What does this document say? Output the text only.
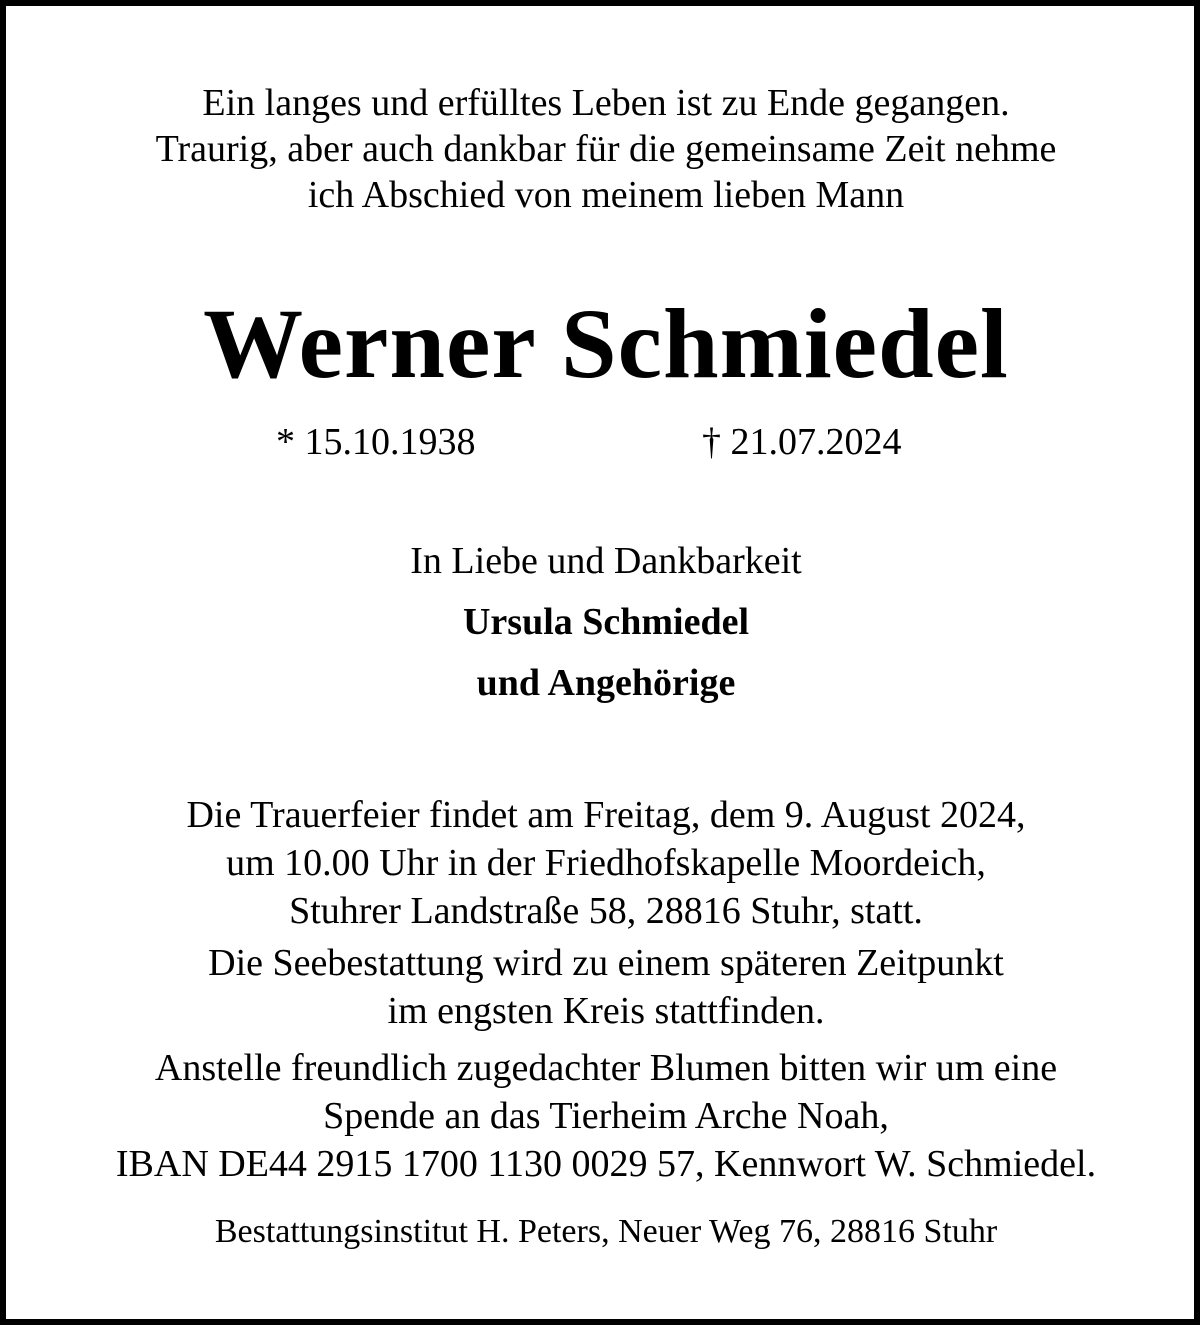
Ein langes und erfülltes Leben ist zu Ende gegangen.
Traurig, aber auch dankbar für die gemeinsame Zeit nehme
ich Abschied von meinem lieben Mann
Werner Schmiedel
* 15.10.1938	† 21.07.2024
In Liebe und Dankbarkeit
Ursula Schmiedel
und Angehörige
Die Trauerfeier findet am Freitag, dem 9. August 2024,
um 10.00 Uhr in der Friedhofskapelle Moordeich,
Stuhrer Landstraße 58, 28816 Stuhr, statt.
Die Seebestattung wird zu einem späteren Zeitpunkt
im engsten Kreis stattfinden.
Anstelle freundlich zugedachter Blumen bitten wir um eine
Spende an das Tierheim Arche Noah,
IBAN DE44 2915 1700 1130 0029 57, Kennwort W. Schmiedel.
Bestattungsinstitut H. Peters, Neuer Weg 76, 28816 Stuhr
